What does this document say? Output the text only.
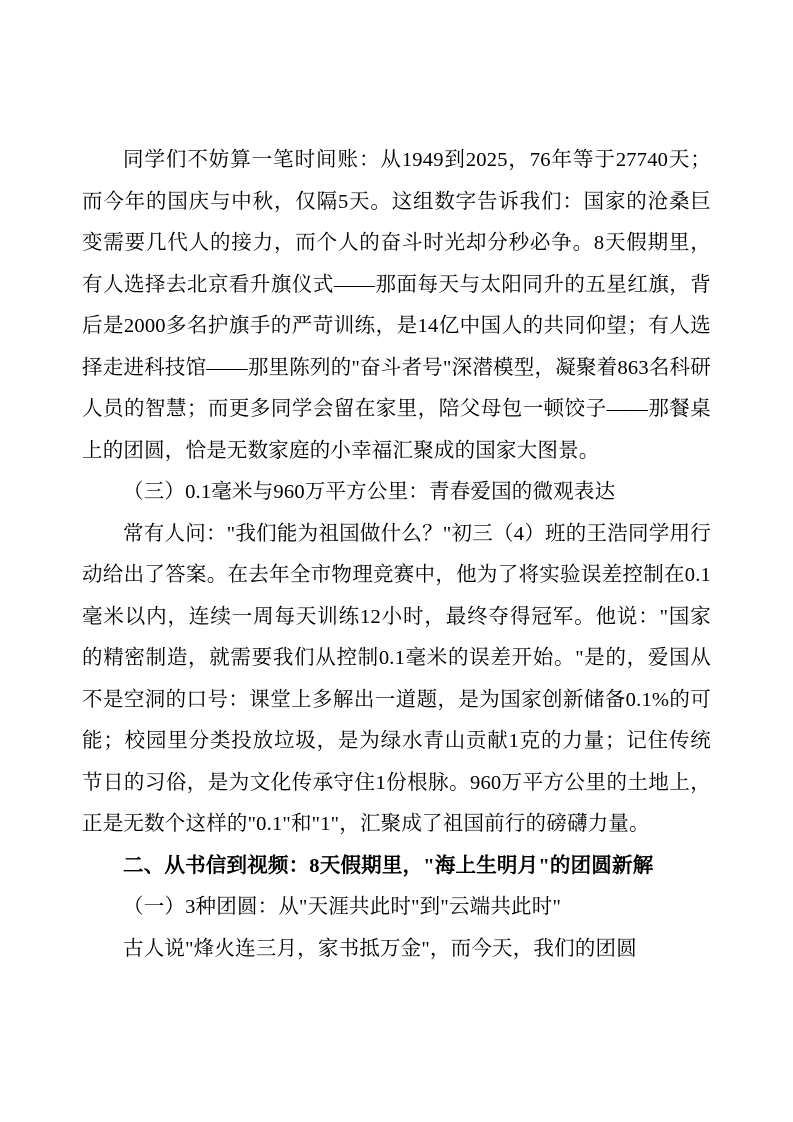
同学们不妨算一笔时间账：从1949到2025，76年等于27740天；而今年的国庆与中秋，仅隔5天。这组数字告诉我们：国家的沧桑巨变需要几代人的接力，而个人的奋斗时光却分秒必争。8天假期里，有人选择去北京看升旗仪式——那面每天与太阳同升的五星红旗，背后是2000多名护旗手的严苛训练，是14亿中国人的共同仰望；有人选择走进科技馆——那里陈列的"奋斗者号"深潜模型，凝聚着863名科研人员的智慧；而更多同学会留在家里，陪父母包一顿饺子——那餐桌上的团圆，恰是无数家庭的小幸福汇聚成的国家大图景。

（三）0.1毫米与960万平方公里：青春爱国的微观表达

常有人问："我们能为祖国做什么？"初三（4）班的王浩同学用行动给出了答案。在去年全市物理竞赛中，他为了将实验误差控制在0.1毫米以内，连续一周每天训练12小时，最终夺得冠军。他说："国家的精密制造，就需要我们从控制0.1毫米的误差开始。"是的，爱国从不是空洞的口号：课堂上多解出一道题，是为国家创新储备0.1%的可能；校园里分类投放垃圾，是为绿水青山贡献1克的力量；记住传统节日的习俗，是为文化传承守住1份根脉。960万平方公里的土地上，正是无数个这样的"0.1"和"1"，汇聚成了祖国前行的磅礴力量。

二、从书信到视频：8天假期里，"海上生明月"的团圆新解

（一）3种团圆：从"天涯共此时"到"云端共此时"

古人说"烽火连三月，家书抵万金"，而今天，我们的团圆
